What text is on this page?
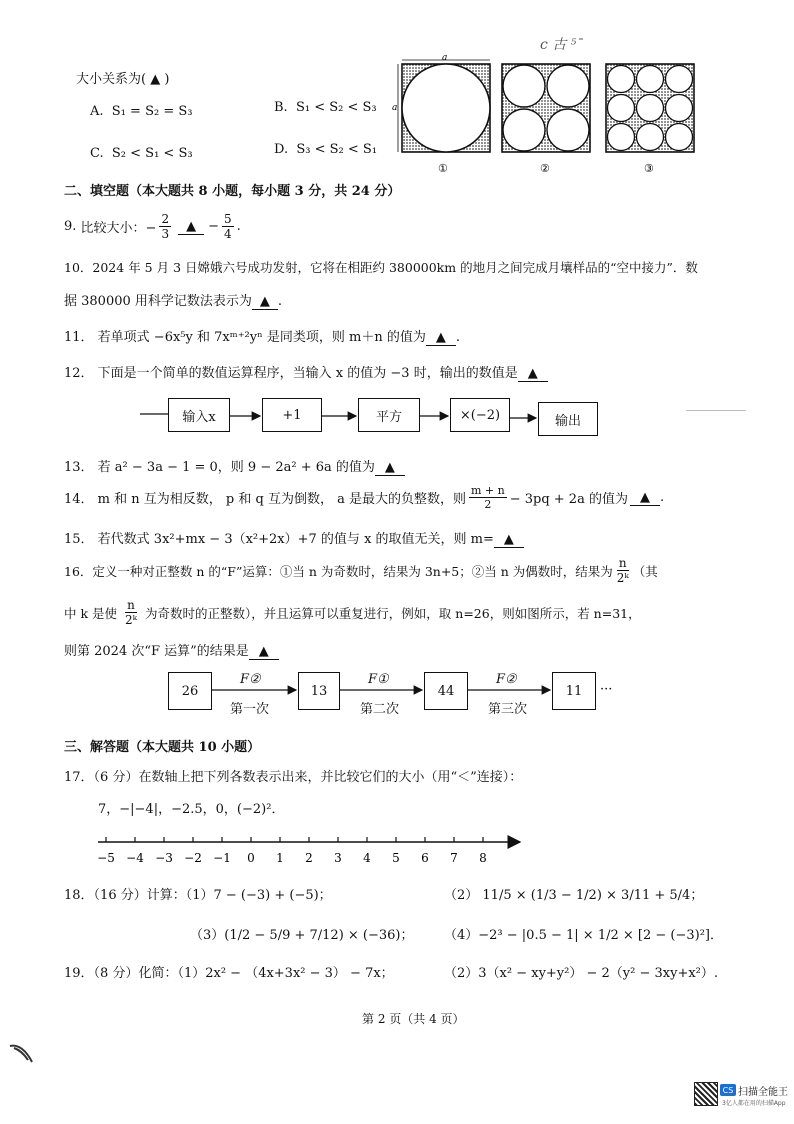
大小关系为( ▲ )
A. S₁ = S₂ = S₃	B. S₁ < S₂ < S₃
C. S₂ < S₁ < S₃	D. S₃ < S₂ < S₁
c 古 ⁵ˉ
a
a
①	②	③
二、填空题（本大题共 8 小题，每小题 3 分，共 24 分）
9.
比较大小：− $\frac{2}{3}$	▲ − $\frac{5}{4}$ .
10．2024 年 5 月 3 日嫦娥六号成功发射，它将在相距约 380000km 的地月之间完成月壤样品的“空中接力”．数
据 380000 用科学记数法表示为 ▲ .
11． 若单项式 −6x⁵y 和 7xᵐ⁺²yⁿ 是同类项，则 m＋n 的值为 ▲ .
12． 下面是一个简单的数值运算程序，当输入 x 的值为 −3 时，输出的数值是 ▲
输入x	+1	平方	×(−2)	输出
13． 若 a² − 3a − 1 = 0，则 9 − 2a² + 6a 的值为 ▲
14． m 和 n 互为相反数， p 和 q 互为倒数， a 是最大的负整数，则 $\frac{m + n}{2} - 3pq + 2a$ 的值为 ▲ .
15． 若代数式 3x²+mx − 3（x²+2x）+7 的值与 x 的取值无关，则 m= ▲
16．定义一种对正整数 n 的“F”运算：①当 n 为奇数时，结果为 3n+5；②当 n 为偶数时，结果为 $\frac{n}{\text{2ᵏ}}$ （其
中 k 是使 $\frac{n}{\text{2ᵏ}}$ 为奇数时的正整数），并且运算可以重复进行，例如，取 n=26，则如图所示，若 n=31，
则第 2024 次“F 运算”的结果是 ▲
26	13	44	11	···
F②	F①	F②
第一次	第二次	第三次
三、解答题（本大题共 10 小题）
17．（6 分）在数轴上把下列各数表示出来，并比较它们的大小（用“＜”连接）：
7，−|−4|，−2.5，0，(−2)²．
−5 −4 −3 −2 −1 0 1 2 3 4 5 6 7 8
18．（16 分）计算：（1）7 − (−3) + (−5)；	（2） 11/5 × (1/3 − 1/2) × 3/11 + 5/4；
（3）(1/2 − 5/9 + 7/12) × (−36)； （4）−2³ − |0.5 − 1| × 1/2 × [2 − (−3)²]．
19．（8 分）化简：（1）2x² − （4x+3x² − 3） − 7x；	（2）3（x² − xy+y²） − 2（y² − 3xy+x²）.
第 2 页（共 4 页）
CS 扫描全能王
3亿人都在用的扫描App
